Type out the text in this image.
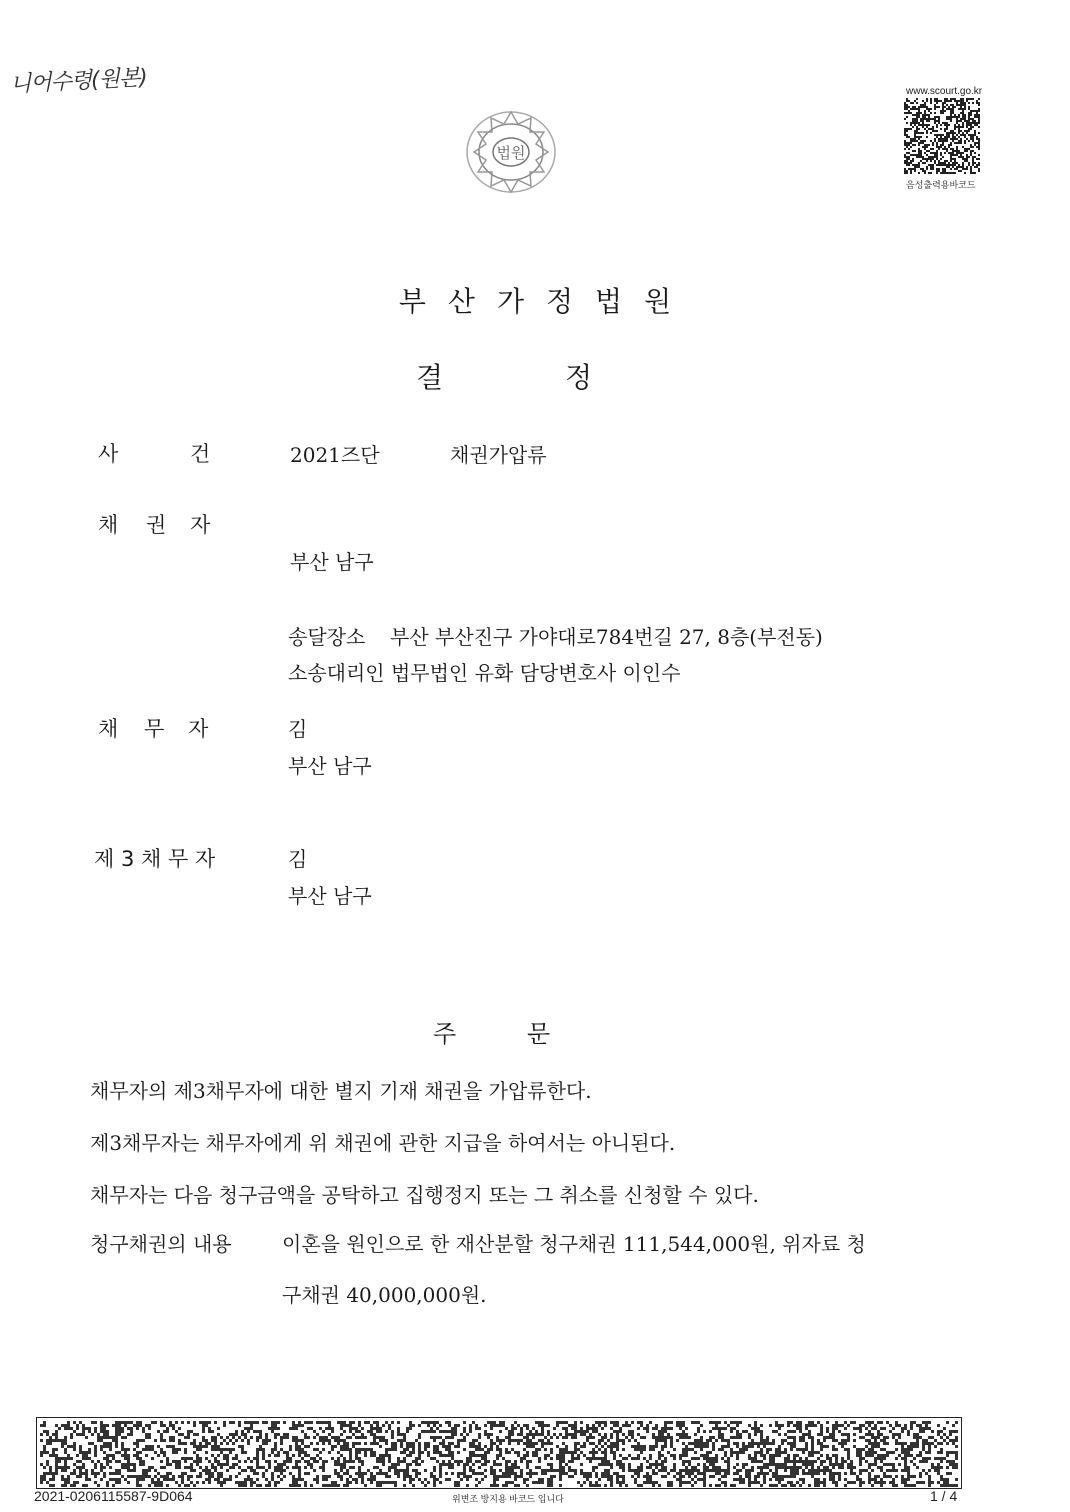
니어수령(원본)
법원
www.scourt.go.kr
음성출력용바코드
부산가정법원
결	정
사	건	2021즈단	채권가압류
채 권 자
부산 남구
송달장소 부산 부산진구 가야대로784번길 27, 8층(부전동)
소송대리인 법무법인 유화 담당변호사 이인수
채 무 자	김
부산 남구
제 3 채 무 자	김
부산 남구
주	문
채무자의 제3채무자에 대한 별지 기재 채권을 가압류한다.
제3채무자는 채무자에게 위 채권에 관한 지급을 하여서는 아니된다.
채무자는 다음 청구금액을 공탁하고 집행정지 또는 그 취소를 신청할 수 있다.
청구채권의 내용	이혼을 원인으로 한 재산분할 청구채권 111,544,000원, 위자료 청
구채권 40,000,000원.
2021-0206115587-9D064	위변조 방지용 바코드 입니다	1 / 4
